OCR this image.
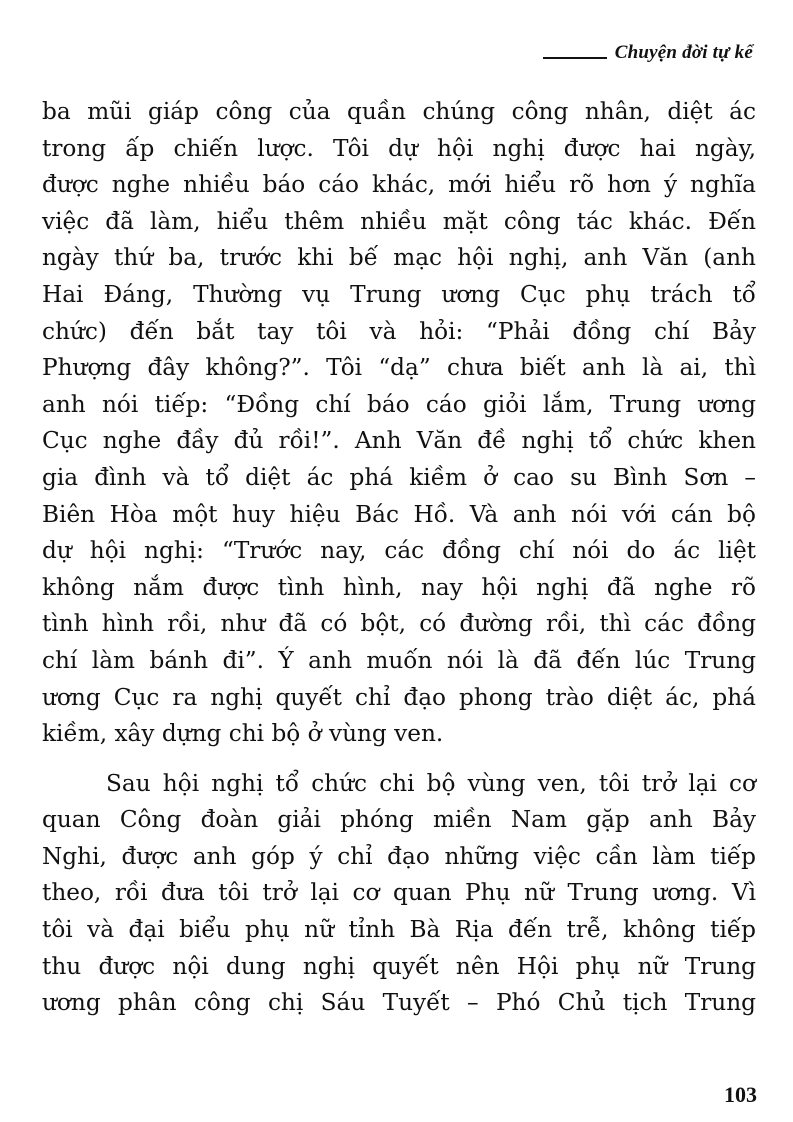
Chuyện đời tự kể

ba mũi giáp công của quần chúng công nhân, diệt ác
trong ấp chiến lược. Tôi dự hội nghị được hai ngày,
được nghe nhiều báo cáo khác, mới hiểu rõ hơn ý nghĩa
việc đã làm, hiểu thêm nhiều mặt công tác khác. Đến
ngày thứ ba, trước khi bế mạc hội nghị, anh Văn (anh
Hai Đáng, Thường vụ Trung ương Cục phụ trách tổ
chức) đến bắt tay tôi và hỏi: “Phải đồng chí Bảy
Phượng đây không?”. Tôi “dạ” chưa biết anh là ai, thì
anh nói tiếp: “Đồng chí báo cáo giỏi lắm, Trung ương
Cục nghe đầy đủ rồi!”. Anh Văn đề nghị tổ chức khen
gia đình và tổ diệt ác phá kiềm ở cao su Bình Sơn –
Biên Hòa một huy hiệu Bác Hồ. Và anh nói với cán bộ
dự hội nghị: “Trước nay, các đồng chí nói do ác liệt
không nắm được tình hình, nay hội nghị đã nghe rõ
tình hình rồi, như đã có bột, có đường rồi, thì các đồng
chí làm bánh đi”. Ý anh muốn nói là đã đến lúc Trung
ương Cục ra nghị quyết chỉ đạo phong trào diệt ác, phá
kiềm, xây dựng chi bộ ở vùng ven.

Sau hội nghị tổ chức chi bộ vùng ven, tôi trở lại cơ
quan Công đoàn giải phóng miền Nam gặp anh Bảy
Nghi, được anh góp ý chỉ đạo những việc cần làm tiếp
theo, rồi đưa tôi trở lại cơ quan Phụ nữ Trung ương. Vì
tôi và đại biểu phụ nữ tỉnh Bà Rịa đến trễ, không tiếp
thu được nội dung nghị quyết nên Hội phụ nữ Trung
ương phân công chị Sáu Tuyết – Phó Chủ tịch Trung

103
